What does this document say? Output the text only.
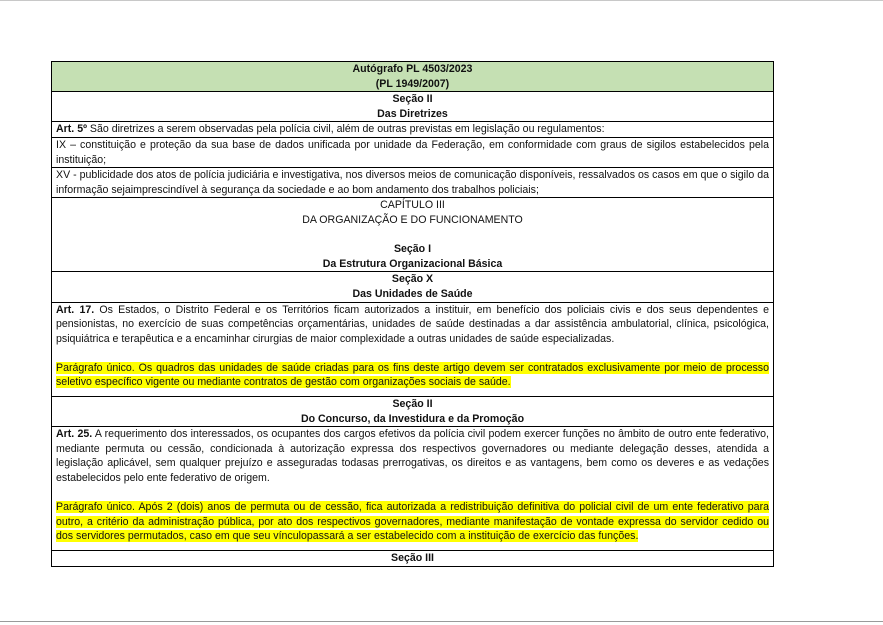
Autógrafo PL 4503/2023
(PL 1949/2007)

Seção II
Das Diretrizes

Art. 5º São diretrizes a serem observadas pela polícia civil, além de outras previstas em legislação ou regulamentos:
IX – constituição e proteção da sua base de dados unificada por unidade da Federação, em conformidade com graus de sigilos estabelecidos pela instituição;
XV - publicidade dos atos de polícia judiciária e investigativa, nos diversos meios de comunicação disponíveis, ressalvados os casos em que o sigilo da informação sejaimprescindível à segurança da sociedade e ao bom andamento dos trabalhos policiais;

CAPÍTULO III
DA ORGANIZAÇÃO E DO FUNCIONAMENTO
Seção I
Da Estrutura Organizacional Básica

Seção X
Das Unidades de Saúde

Art. 17. Os Estados, o Distrito Federal e os Territórios ficam autorizados a instituir, em benefício dos policiais civis e dos seus dependentes e pensionistas, no exercício de suas competências orçamentárias, unidades de saúde destinadas a dar assistência ambulatorial, clínica, psicológica, psiquiátrica e terapêutica e a encaminhar cirurgias de maior complexidade a outras unidades de saúde especializadas.
Parágrafo único. Os quadros das unidades de saúde criadas para os fins deste artigo devem ser contratados exclusivamente por meio de processo seletivo específico vigente ou mediante contratos de gestão com organizações sociais de saúde.

Seção II
Do Concurso, da Investidura e da Promoção

Art. 25. A requerimento dos interessados, os ocupantes dos cargos efetivos da polícia civil podem exercer funções no âmbito de outro ente federativo, mediante permuta ou cessão, condicionada à autorização expressa dos respectivos governadores ou mediante delegação desses, atendida a legislação aplicável, sem qualquer prejuízo e asseguradas todasas prerrogativas, os direitos e as vantagens, bem como os deveres e as vedações estabelecidos pelo ente federativo de origem.
Parágrafo único. Após 2 (dois) anos de permuta ou de cessão, fica autorizada a redistribuição definitiva do policial civil de um ente federativo para outro, a critério da administração pública, por ato dos respectivos governadores, mediante manifestação de vontade expressa do servidor cedido ou dos servidores permutados, caso em que seu vínculopassará a ser estabelecido com a instituição de exercício das funções.

Seção III
